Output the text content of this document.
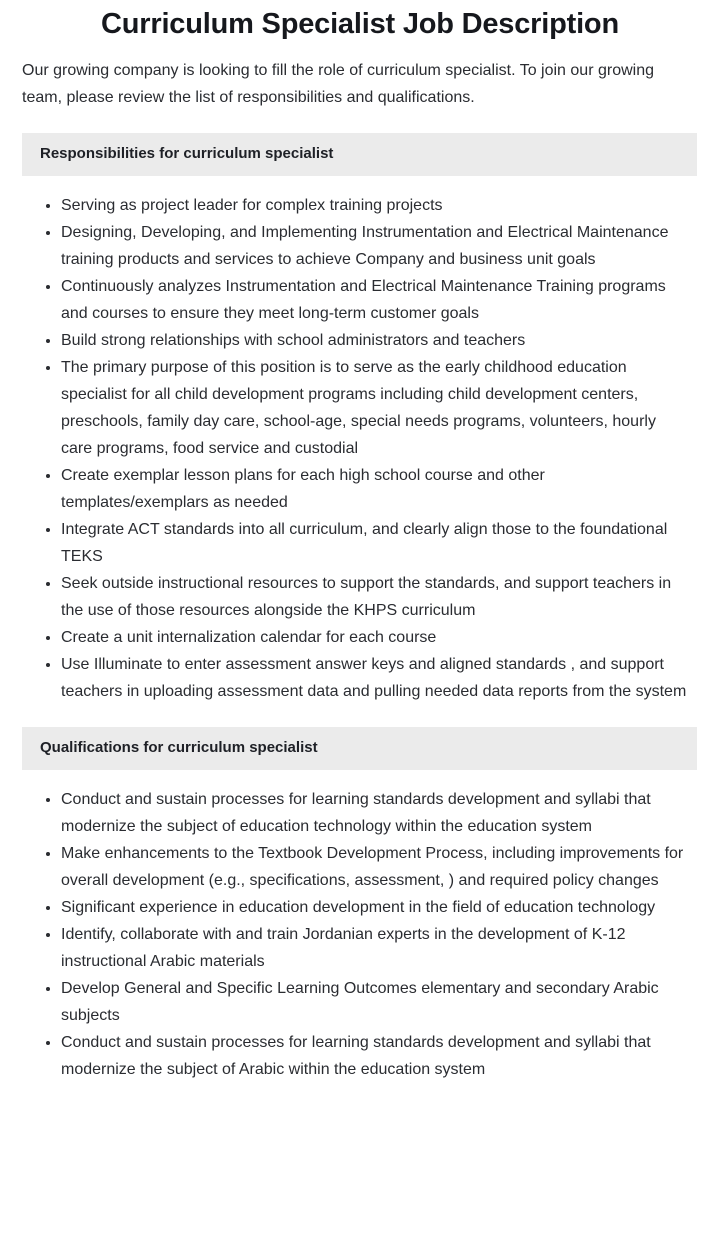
Curriculum Specialist Job Description

Our growing company is looking to fill the role of curriculum specialist. To join our growing team, please review the list of responsibilities and qualifications.

Responsibilities for curriculum specialist
Serving as project leader for complex training projects
Designing, Developing, and Implementing Instrumentation and Electrical Maintenance training products and services to achieve Company and business unit goals
Continuously analyzes Instrumentation and Electrical Maintenance Training programs and courses to ensure they meet long-term customer goals
Build strong relationships with school administrators and teachers
The primary purpose of this position is to serve as the early childhood education specialist for all child development programs including child development centers, preschools, family day care, school-age, special needs programs, volunteers, hourly care programs, food service and custodial
Create exemplar lesson plans for each high school course and other templates/exemplars as needed
Integrate ACT standards into all curriculum, and clearly align those to the foundational TEKS
Seek outside instructional resources to support the standards, and support teachers in the use of those resources alongside the KHPS curriculum
Create a unit internalization calendar for each course
Use Illuminate to enter assessment answer keys and aligned standards , and support teachers in uploading assessment data and pulling needed data reports from the system
Qualifications for curriculum specialist
Conduct and sustain processes for learning standards development and syllabi that modernize the subject of education technology within the education system
Make enhancements to the Textbook Development Process, including improvements for overall development (e.g., specifications, assessment, ) and required policy changes
Significant experience in education development in the field of education technology
Identify, collaborate with and train Jordanian experts in the development of K-12 instructional Arabic materials
Develop General and Specific Learning Outcomes elementary and secondary Arabic subjects
Conduct and sustain processes for learning standards development and syllabi that modernize the subject of Arabic within the education system
